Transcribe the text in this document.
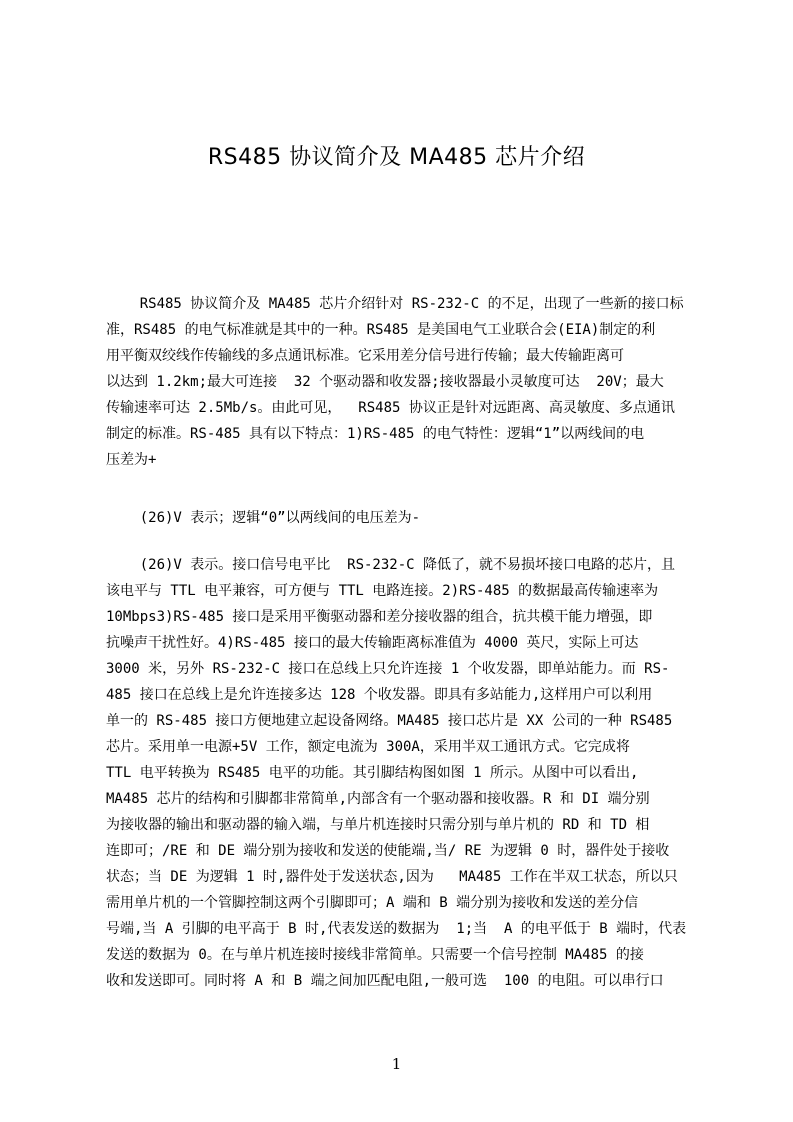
RS485 协议简介及 MA485 芯片介绍
RS485 协议简介及 MA485 芯片介绍针对 RS-232-C 的不足，出现了一些新的接口标
准，RS485 的电气标准就是其中的一种。RS485 是美国电气工业联合会(EIA)制定的利
用平衡双绞线作传输线的多点通讯标准。它采用差分信号进行传输；最大传输距离可
以达到 1.2km;最大可连接  32 个驱动器和收发器;接收器最小灵敏度可达  20V；最大
传输速率可达 2.5Mb/s。由此可见，  RS485 协议正是针对远距离、高灵敏度、多点通讯
制定的标准。RS-485 具有以下特点：1)RS-485 的电气特性：逻辑“1”以两线间的电
压差为+
(26)V 表示；逻辑“0”以两线间的电压差为-
(26)V 表示。接口信号电平比  RS-232-C 降低了，就不易损坏接口电路的芯片，且
该电平与 TTL 电平兼容，可方便与 TTL 电路连接。2)RS-485 的数据最高传输速率为
10Mbps3)RS-485 接口是采用平衡驱动器和差分接收器的组合，抗共模干能力增强，即
抗噪声干扰性好。4)RS-485 接口的最大传输距离标准值为 4000 英尺，实际上可达
3000 米，另外 RS-232-C 接口在总线上只允许连接 1 个收发器，即单站能力。而 RS-
485 接口在总线上是允许连接多达 128 个收发器。即具有多站能力,这样用户可以利用
单一的 RS-485 接口方便地建立起设备网络。MA485 接口芯片是 XX 公司的一种 RS485
芯片。采用单一电源+5V 工作，额定电流为 300A，采用半双工通讯方式。它完成将
TTL 电平转换为 RS485 电平的功能。其引脚结构图如图 1 所示。从图中可以看出,
MA485 芯片的结构和引脚都非常简单,内部含有一个驱动器和接收器。R 和 DI 端分别
为接收器的输出和驱动器的输入端，与单片机连接时只需分别与单片机的 RD 和 TD 相
连即可；/RE 和 DE 端分别为接收和发送的使能端,当/ RE 为逻辑 0 时，器件处于接收
状态；当 DE 为逻辑 1 时,器件处于发送状态,因为   MA485 工作在半双工状态，所以只
需用单片机的一个管脚控制这两个引脚即可；A 端和 B 端分别为接收和发送的差分信
号端,当 A 引脚的电平高于 B 时,代表发送的数据为  1;当  A 的电平低于 B 端时，代表
发送的数据为 0。在与单片机连接时接线非常简单。只需要一个信号控制 MA485 的接
收和发送即可。同时将 A 和 B 端之间加匹配电阻,一般可选  100 的电阻。可以串行口
1
